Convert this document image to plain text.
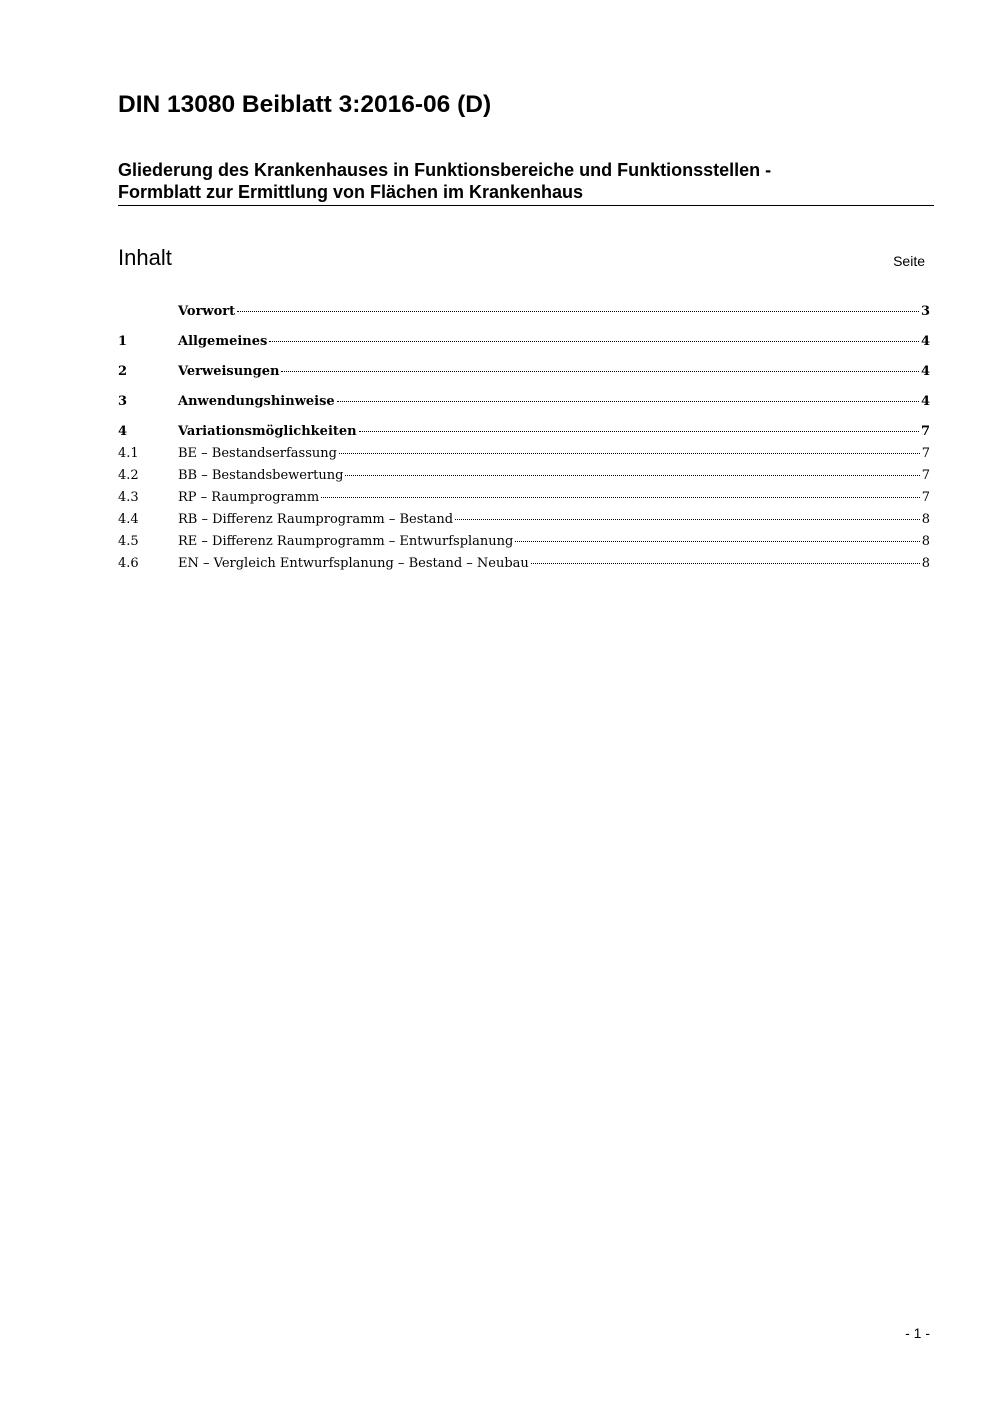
DIN 13080 Beiblatt 3:2016-06 (D)
Gliederung des Krankenhauses in Funktionsbereiche und Funktionsstellen -
Formblatt zur Ermittlung von Flächen im Krankenhaus
Inhalt	Seite
Vorwort	3
1	Allgemeines	4
2	Verweisungen	4
3	Anwendungshinweise	4
4	Variationsmöglichkeiten	7
4.1	BE – Bestandserfassung	7
4.2	BB – Bestandsbewertung	7
4.3	RP – Raumprogramm	7
4.4	RB – Differenz Raumprogramm – Bestand	8
4.5	RE – Differenz Raumprogramm – Entwurfsplanung	8
4.6	EN – Vergleich Entwurfsplanung – Bestand – Neubau	8
- 1 -
